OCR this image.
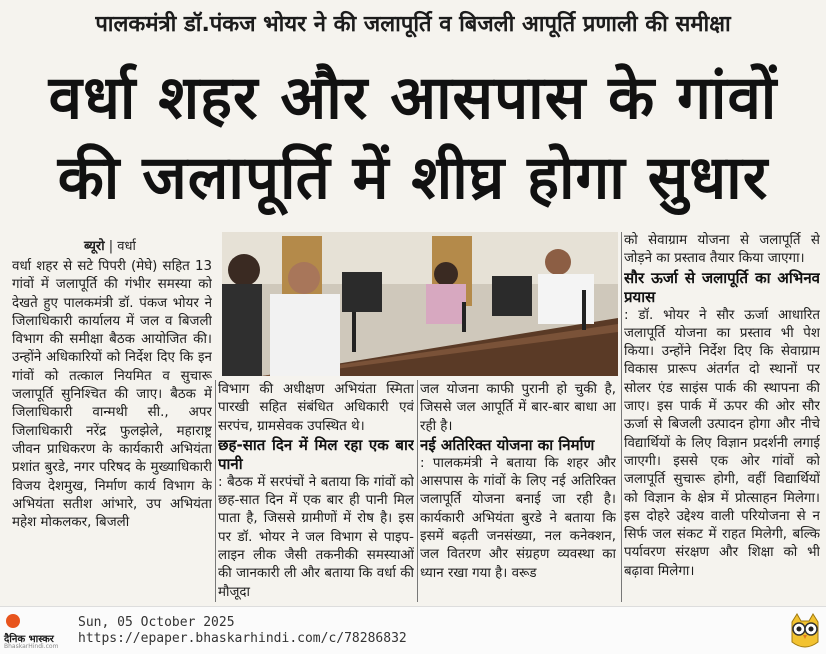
पालकमंत्री डॉ.पंकज भोयर ने की जलापूर्ति व बिजली आपूर्ति प्रणाली की समीक्षा
वर्धा शहर और आसपास के गांवों
की जलापूर्ति में शीघ्र होगा सुधार
ब्यूरो | वर्धा

वर्धा शहर से सटे पिपरी (मेघे) सहित 13 गांवों में जलापूर्ति की गंभीर समस्या को देखते हुए पालकमंत्री डॉ. पंकज भोयर ने जिलाधिकारी कार्यालय में जल व बिजली विभाग की समीक्षा बैठक आयोजित की। उन्होंने अधिकारियों को निर्देश दिए कि इन गांवों को तत्काल नियमित व सुचारू जलापूर्ति सुनिश्चित की जाए। बैठक में जिलाधिकारी वान्मथी सी., अपर जिलाधिकारी नरेंद्र फुलझेले, महाराष्ट्र जीवन प्राधिकरण के कार्यकारी अभियंता प्रशांत बुरडे, नगर परिषद के मुख्याधिकारी विजय देशमुख, निर्माण कार्य विभाग के अभियंता सतीश आंभारे, उप अभियंता महेश मोकलकर, बिजली

विभाग की अधीक्षण अभियंता स्मिता पारखी सहित संबंधित अधिकारी एवं सरपंच, ग्रामसेवक उपस्थित थे।

छह-सात दिन में मिल रहा एक बार पानी

: बैठक में सरपंचों ने बताया कि गांवों को छह-सात दिन में एक बार ही पानी मिल पाता है, जिससे ग्रामीणों में रोष है। इस पर डॉ. भोयर ने जल विभाग से पाइप-लाइन लीक जैसी तकनीकी समस्याओं की जानकारी ली और बताया कि वर्धा की मौजूदा

जल योजना काफी पुरानी हो चुकी है, जिससे जल आपूर्ति में बार-बार बाधा आ रही है।

नई अतिरिक्त योजना का निर्माण

: पालकमंत्री ने बताया कि शहर और आसपास के गांवों के लिए नई अतिरिक्त जलापूर्ति योजना बनाई जा रही है। कार्यकारी अभियंता बुरडे ने बताया कि इसमें बढ़ती जनसंख्या, नल कनेक्शन, जल वितरण और संग्रहण व्यवस्था का ध्यान रखा गया है। वरूड

को सेवाग्राम योजना से जलापूर्ति से जोड़ने का प्रस्ताव तैयार किया जाएगा।

सौर ऊर्जा से जलापूर्ति का अभिनव प्रयास

: डॉ. भोयर ने सौर ऊर्जा आधारित जलापूर्ति योजना का प्रस्ताव भी पेश किया। उन्होंने निर्देश दिए कि सेवाग्राम विकास प्रारूप अंतर्गत दो स्थानों पर सोलर एंड साइंस पार्क की स्थापना की जाए। इस पार्क में ऊपर की ओर सौर ऊर्जा से बिजली उत्पादन होगा और नीचे विद्यार्थियों के लिए विज्ञान प्रदर्शनी लगाई जाएगी। इससे एक ओर गांवों को जलापूर्ति सुचारू होगी, वहीं विद्यार्थियों को विज्ञान के क्षेत्र में प्रोत्साहन मिलेगा। इस दोहरे उद्देश्य वाली परियोजना से न सिर्फ जल संकट में राहत मिलेगी, बल्कि पर्यावरण संरक्षण और शिक्षा को भी बढ़ावा मिलेगा।

दैनिक भास्कर
BhaskarHindi.com
Sun, 05 October 2025
https://epaper.bhaskarhindi.com/c/78286832
